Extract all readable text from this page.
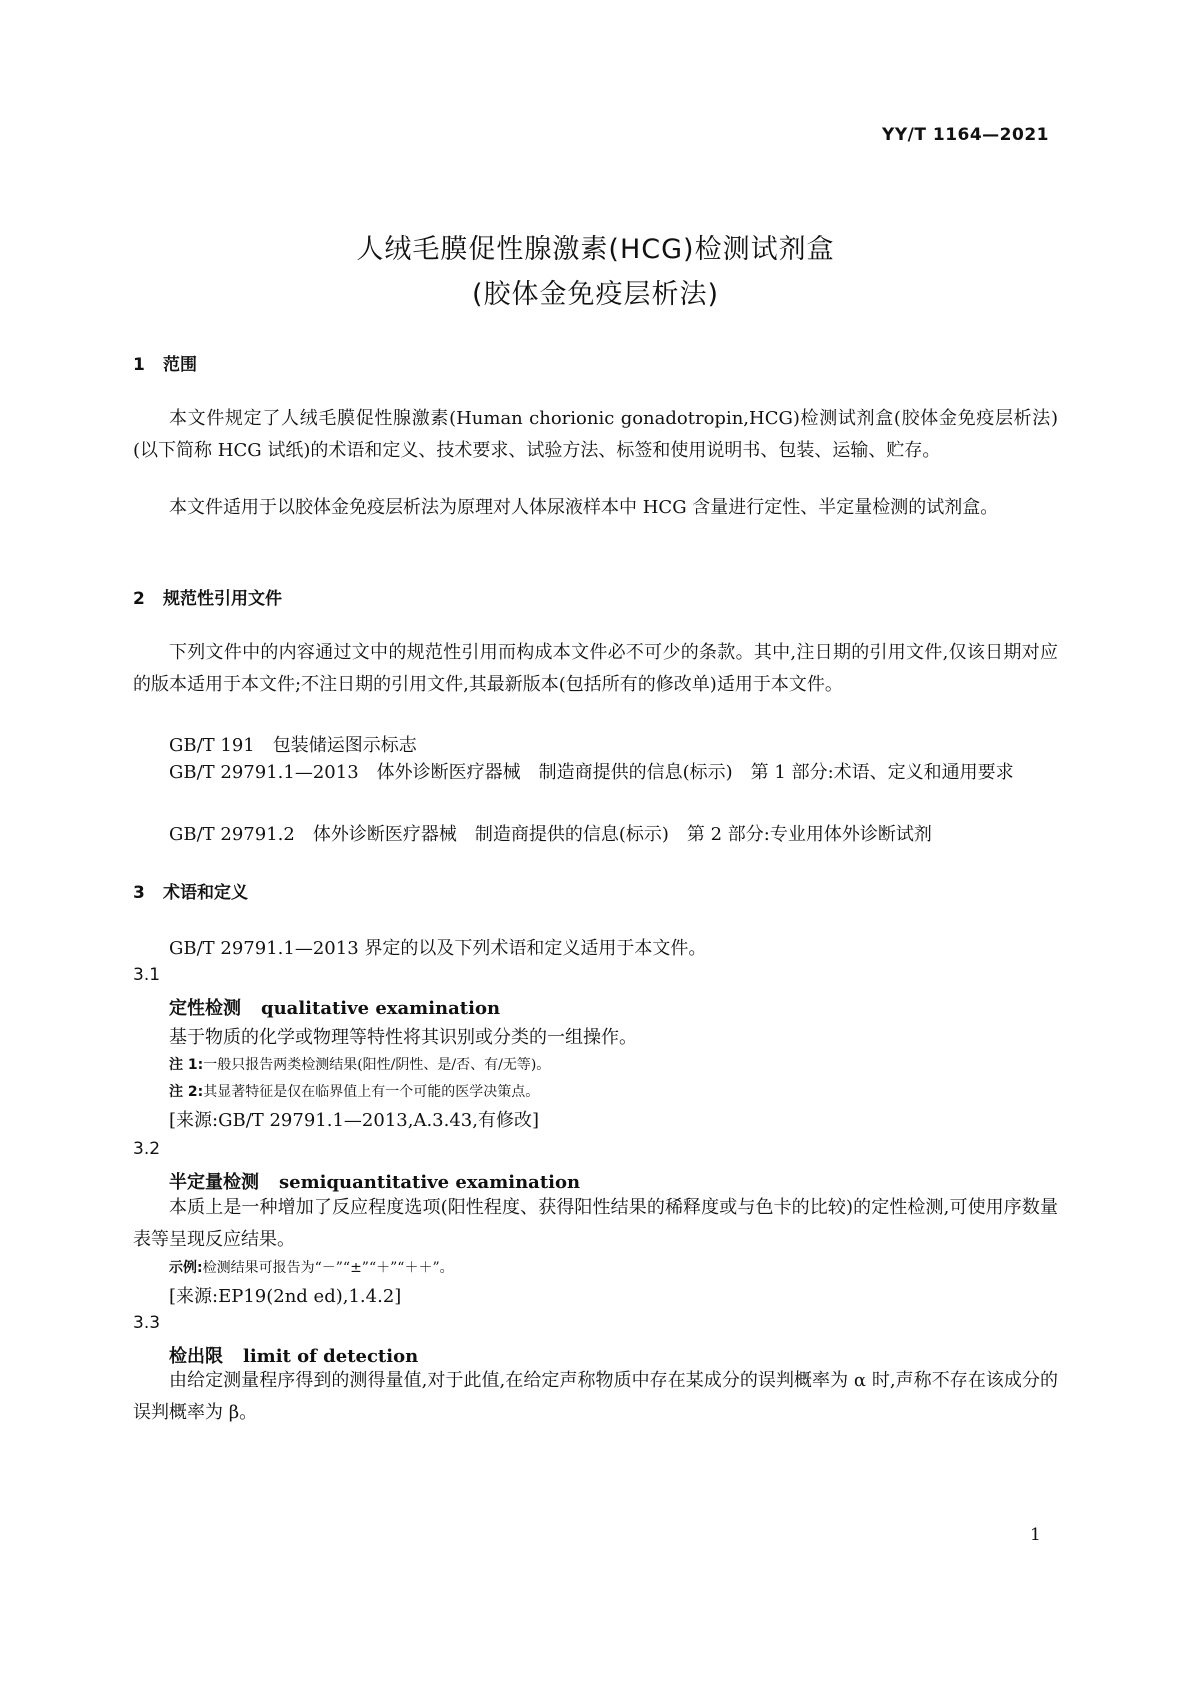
YY/T 1164—2021
人绒毛膜促性腺激素(HCG)检测试剂盒
(胶体金免疫层析法)
1 范围
本文件规定了人绒毛膜促性腺激素(Human chorionic gonadotropin,HCG)检测试剂盒(胶体金免疫层析法)(以下简称 HCG 试纸)的术语和定义、技术要求、试验方法、标签和使用说明书、包装、运输、贮存。
本文件适用于以胶体金免疫层析法为原理对人体尿液样本中 HCG 含量进行定性、半定量检测的试剂盒。
2 规范性引用文件
下列文件中的内容通过文中的规范性引用而构成本文件必不可少的条款。其中,注日期的引用文件,仅该日期对应的版本适用于本文件;不注日期的引用文件,其最新版本(包括所有的修改单)适用于本文件。
GB/T 191　包装储运图示标志
GB/T 29791.1—2013　体外诊断医疗器械　制造商提供的信息(标示)　第 1 部分:术语、定义和通用要求
GB/T 29791.2　体外诊断医疗器械　制造商提供的信息(标示)　第 2 部分:专业用体外诊断试剂
3 术语和定义
GB/T 29791.1—2013 界定的以及下列术语和定义适用于本文件。
3.1
定性检测 qualitative examination
基于物质的化学或物理等特性将其识别或分类的一组操作。
注 1:一般只报告两类检测结果(阳性/阴性、是/否、有/无等)。
注 2:其显著特征是仅在临界值上有一个可能的医学决策点。
[来源:GB/T 29791.1—2013,A.3.43,有修改]
3.2
半定量检测 semiquantitative examination
本质上是一种增加了反应程度选项(阳性程度、获得阳性结果的稀释度或与色卡的比较)的定性检测,可使用序数量表等呈现反应结果。
示例:检测结果可报告为“－”“±”“＋”“＋＋”。
[来源:EP19(2nd ed),1.4.2]
3.3
检出限 limit of detection
由给定测量程序得到的测得量值,对于此值,在给定声称物质中存在某成分的误判概率为 α 时,声称不存在该成分的误判概率为 β。
1
